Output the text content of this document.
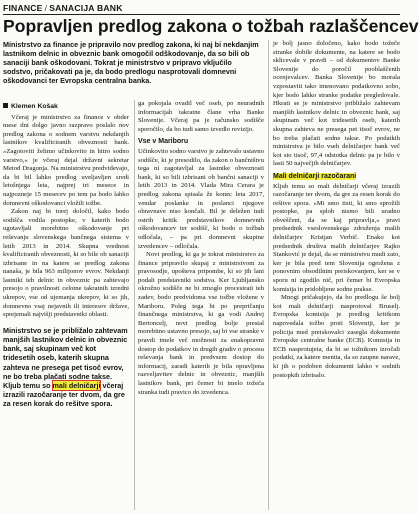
FINANCE / SANACIJA BANK
Popravljen predlog zakona o tožbah razlaščencev

Ministrstvo za finance je pripravilo nov predlog zakona, ki naj bi nekdanjim lastnikom delnic in obveznic bank omogočil odškodovanje, da so bili ob sanaciji bank oškodovani. Tokrat je ministrstvo v pripravo vključilo sodstvo, pričakovati pa je, da bodo predlogu nasprotovali domnevni oškodovanci ter Evropska centralna banka.

Klemen Košak

Včeraj je ministrstvo za finance v obder mese dni dolgo javno razpravo poslalo nov predlog zakona o sodnem varstvu nekdanjih lastnikov kvalificiranih obveznosti bank. »Zagotoviti želimo učinkovito in hitro sodno varstvo,« je včeraj dejal državni sekretar Metod Dragonja. Na ministrstvu predvidevajo, da bi bil lahko predlog uveljavljen sredi letošnjega leta, najprej tri mesece in najpozneje 15 mesecev po tem pa bodo lahko domnevni oškodovanci vložili tožbe.

Zakon naj bi torej določil, kako bodo sodišča vodila postopke, v katerih bodo ugotavljali morebitno oškodovanje pri reševanju slovenskega bančnega sistema v letih 2013 in 2014. Skupna vrednost kvalificiranih obveznosti, ki so bile ob sanaciji izbrisane in na katere se predlog zakona nanaša, je bila 963 milijonov evrov. Nekdanji lastniki teh delnic in obveznic pa zahtevajo presojo o pravilnosti celotne takratnih izredni ukrepov, vse od ujemanja ukrepov, ki so jih, domnevno vsaj nejavnih ili interesov države, sprejemali najvišji predstavniki oblasti.

Ministrstvo se je približalo zahtevam manjših lastnikov delnic in obveznic bank, saj skupinam več kot tridesetih oseb, katerih skupna zahteva ne presega pet tisoč evrov, ne bo treba plačati sodne takse. Kljub temu so mali delničarji včeraj izrazili razočaranje ter dvom, da gre za resen korak do rešitve spora.

ga pokojala ovadil več oseb, po neuradnih informacijah takratne člane vrha Banke Slovenije. Včeraj pa je računsko sodišče sporočilo, da bo tudi samo izvedlo revizijo.

Vse v Mariboru

Učinkovito sodno varstvo je zahtevalo ustavno sodišče, ki je presodilo, da zakon o bančništvu tega ni zagotavljal za lastnike obveznosti bank, ki so bili izbrisani ob bančni sanaciji v letih 2013 in 2014. Vlada Mira Cerara je predlog zakona spisala že konec leta 2017, vendar poslanke in poslanci njegove obravnave niso končali. Bil je deležen tudi ostrih kritik predstavnikov domnevnih oškodovancev ter sodišč, ki bodo o tožbah odločala, – pa pri domnevni skupine izvedencev – odločala.

Novi predlog, ki ga je tokrat ministrstvo za finance pripravilo skupaj z ministrstvom za pravosodje, upošteva pripombe, ki so jih lani podali predstavniki sodstva. Ker Ljubljansko okrožno sodišče ne bi zmoglo procesirati teh zadev, bodo predvidoma vse tožbe vložene v Mariboru. Poleg tega bi po prepričanju finančnega ministrstva, ki ga vodi Andrej Bertoncelj, novi predlog bolje prestal morebitno ustavno presojo, saj bi vse stranke v pravdi imele več možnosti za enakopravni dostop do podatkov in drugih gradiv o procesu reševanja bank in predvsem dostop do informacij, zaradi katerih je bila opravljena razveljavitev delnic in obveznic, manjših lastnikov bank, pri čemer bi imelo tožeča stranka tudi pravico do izvedenca.

je bolj jasno določeno, kako bodo tožeče stranke dobile dokumente, na katere se bodo sklicevale v pravdi – od dokumentov Banke Slovenije do poročil pooblaščenih ocenjevalcev. Banka Slovenije bo morala vzpostaviti tako imenovano podatkovno sobo, kjer bodo lahko stranke podatke pregledovale. Hkrati se je ministrstvo približalo zahtevam manjših lastnikov delnic in obveznic bank, saj skupinam več kot tridesetih oseb, katerih skupna zahteva ne presega pet tisoč evrov, ne bo treba plačati sodne takse. Po podatkih ministrstva je bilo vseh delničarjev bank več kot sto tisoč, 97,4 odstotka delnic pa je bilo v lasti 50 največjih delničarjev.

Mali delničarji razočarani

Kljub temu so mali delničarji včeraj izrazili razočaranje ter dvom, da gre za resen korak do rešitve spora. »Mi smo tisti, ki smo sprožili postopke, pa sploh nismo bili uradno obveščeni, da se kaj pripravlja,« pravi predsednik vseslovenskega združenja malih delničarjev Kristjan Verbič. Enako kot predsednik društva malih delničarjev Rajko Stanković je dejal, da se ministrstvu mudi zato, ker je bila pred tem Slovenija ogrožena z ponovnim obsodilnim preiskovanjem, ker se v sporu ni zgodilo nič, pri čemer bi Evropska komisija in pridobljene sodne prakse.

Mnogi pričakujejo, da bo predlogu še bolj kot mali delničarji nasprotoval Bruselj. Evropska komisija je predlog kritikom napovedala tožbo proti Sloveniji, ker je policija med preiskovalci zasegla dokumente Evropske centralne banke (ECB). Komisija in ECB nasprotujeta, da bi se tožnikom izročali podatki, za katere menita, da so zaupne narave, ki jih o podoben dokumenti lahko v sodnih postopkih izbrisalo.
